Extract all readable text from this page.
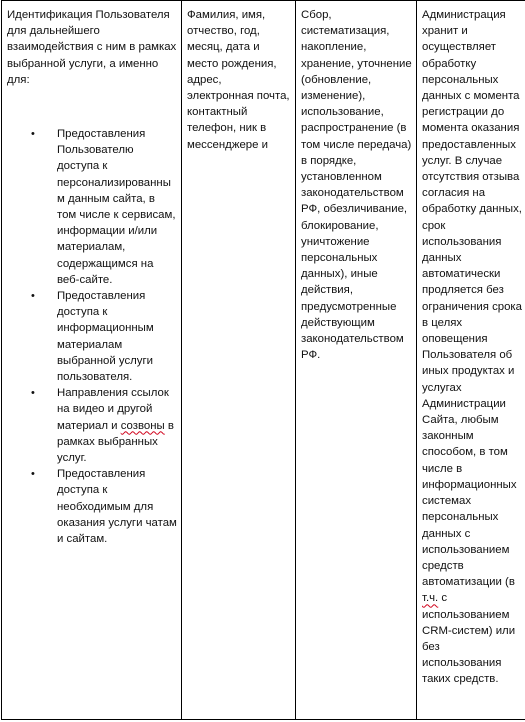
Идентификация Пользователя для дальнейшего взаимодействия с ним в рамках выбранной услуги, а именно для:
• Предоставления Пользователю доступа к персонализированным данным сайта, в том числе к сервисам, информации и/или материалам, содержащимся на веб-сайте.
• Предоставления доступа к информационным материалам выбранной услуги пользователя.
• Направления ссылок на видео и другой материал и созвоны в рамках выбранных услуг.
• Предоставления доступа к необходимым для оказания услуги чатам и сайтам.
	Фамилия, имя, отчество, год, месяц, дата и место рождения, адрес, электронная почта, контактный телефон, ник в мессенджере и	Сбор, систематизация, накопление, хранение, уточнение (обновление, изменение), использование, распространение (в том числе передача) в порядке, установленном законодательством РФ, обезличивание, блокирование, уничтожение персональных данных), иные действия, предусмотренные действующим законодательством РФ.	Администрация хранит и осуществляет обработку персональных данных с момента регистрации до момента оказания предоставленных услуг. В случае отсутствия отзыва согласия на обработку данных, срок использования данных автоматически продляется без ограничения срока в целях оповещения Пользователя об иных продуктах и услугах Администрации Сайта, любым законным способом, в том числе в информационных системах персональных данных с использованием средств автоматизации (в т.ч. с использованием CRM-систем) или без использования таких средств.
